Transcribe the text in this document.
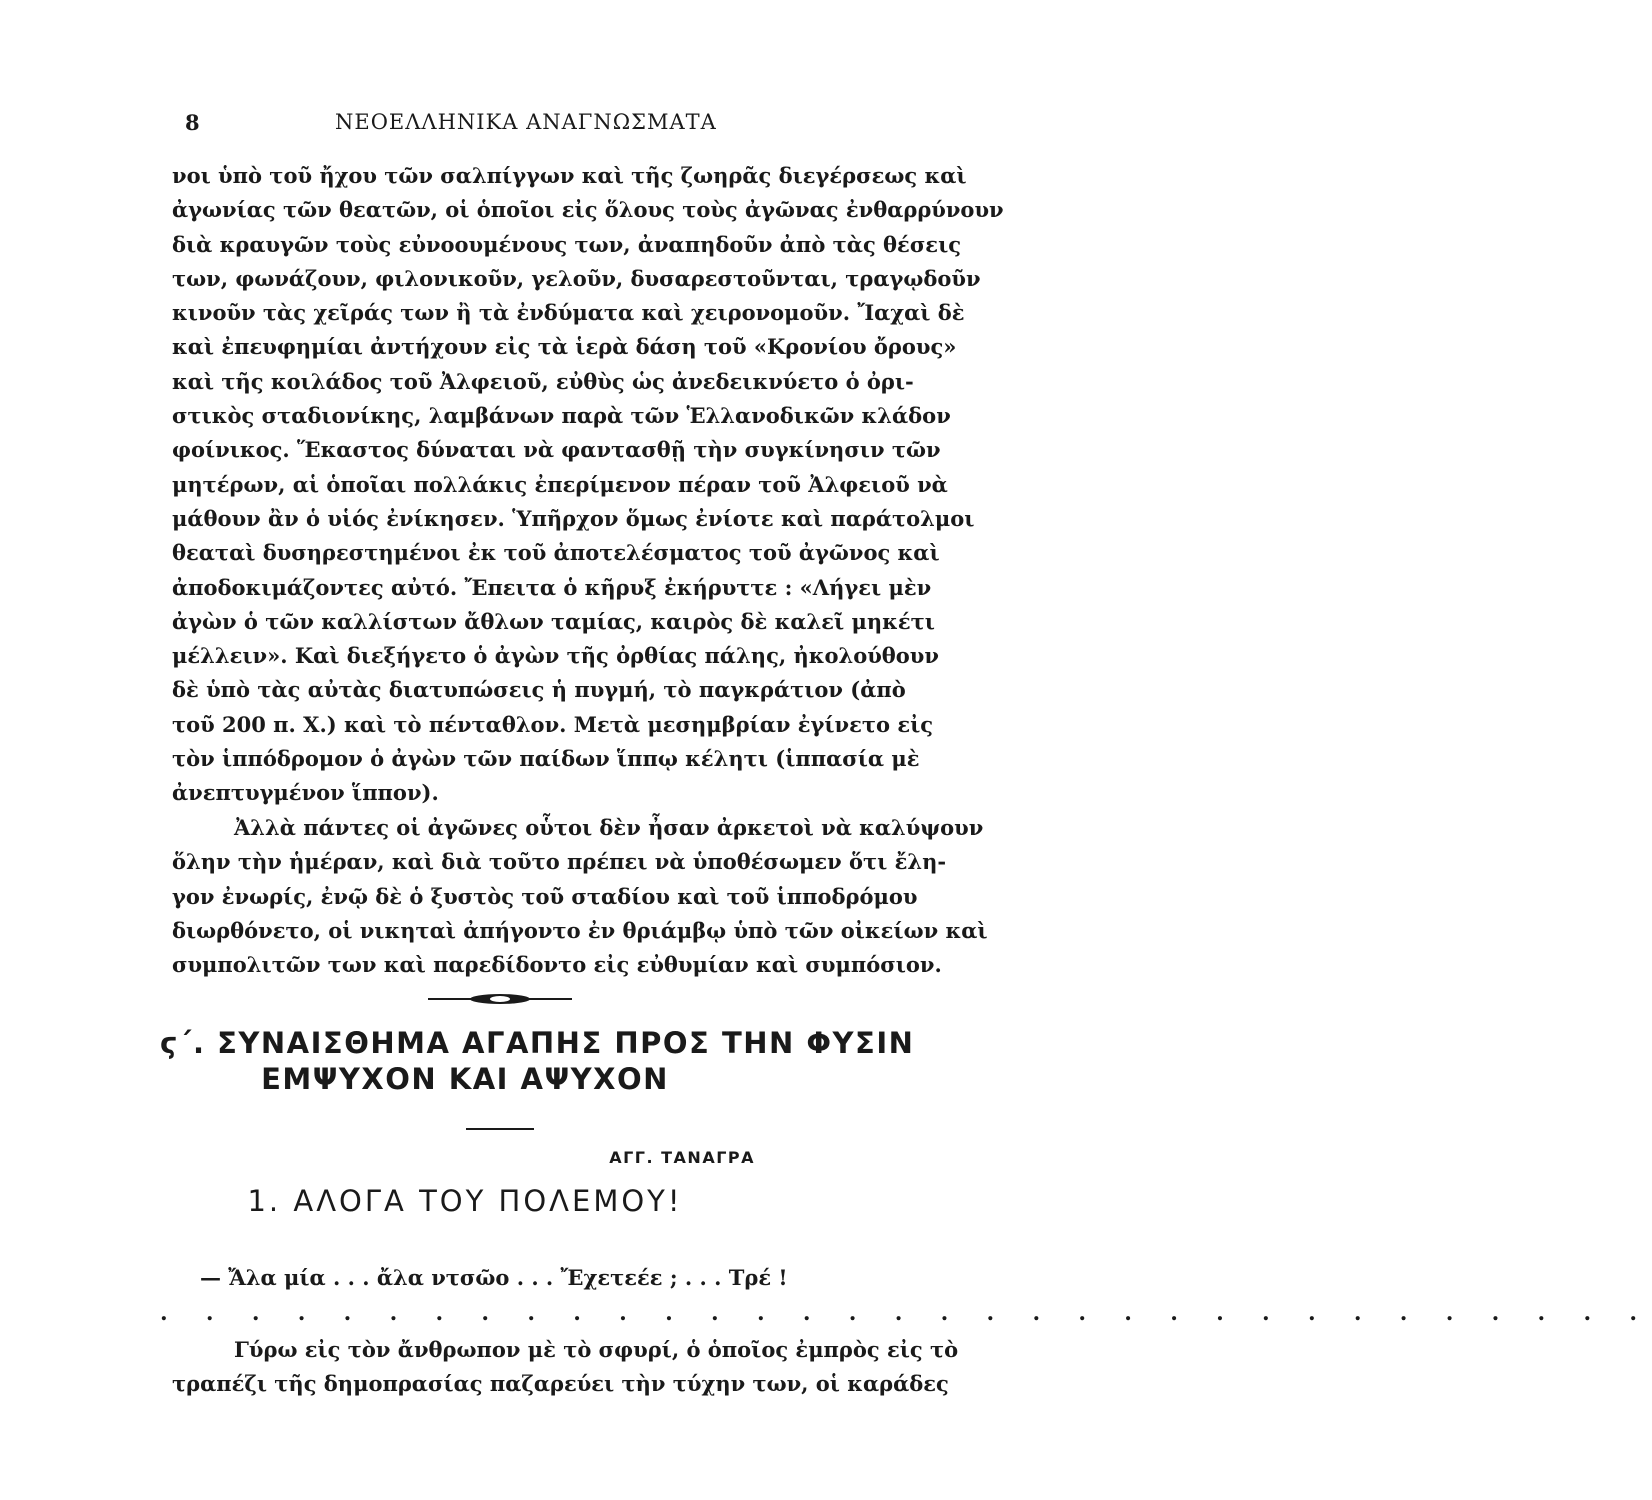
8	ΝΕΟΕΛΛΗΝΙΚΑ ΑΝΑΓΝΩΣΜΑΤΑ
νοι ὑπὸ τοῦ ἤχου τῶν σαλπίγγων καὶ τῆς ζωηρᾶς διεγέρσεως καὶ
ἀγωνίας τῶν θεατῶν, οἱ ὁποῖοι εἰς ὅλους τοὺς ἀγῶνας ἐνθαρρύνουν
διὰ κραυγῶν τοὺς εὐνοουμένους των, ἀναπηδοῦν ἀπὸ τὰς θέσεις
των, φωνάζουν, φιλονικοῦν, γελοῦν, δυσαρεστοῦνται, τραγῳδοῦν
κινοῦν τὰς χεῖράς των ἢ τὰ ἐνδύματα καὶ χειρονομοῦν. Ἴαχαὶ δὲ
καὶ ἐπευφημίαι ἀντήχουν εἰς τὰ ἱερὰ δάση τοῦ «Κρονίου ὄρους»
καὶ τῆς κοιλάδος τοῦ Ἀλφειοῦ, εὐθὺς ὡς ἀνεδεικνύετο ὁ ὀρι-
στικὸς σταδιονίκης, λαμβάνων παρὰ τῶν Ἑλλανοδικῶν κλάδον
φοίνικος. Ἕκαστος δύναται νὰ φαντασθῇ τὴν συγκίνησιν τῶν
μητέρων, αἱ ὁποῖαι πολλάκις ἐπερίμενον πέραν τοῦ Ἀλφειοῦ νὰ
μάθουν ἂν ὁ υἱός ἐνίκησεν. Ὑπῆρχον ὅμως ἐνίοτε καὶ παράτολμοι
θεαταὶ δυσηρεστημένοι ἐκ τοῦ ἀποτελέσματος τοῦ ἀγῶνος καὶ
ἀποδοκιμάζοντες αὐτό. Ἔπειτα ὁ κῆρυξ ἐκήρυττε : «Λήγει μὲν
ἀγὼν ὁ τῶν καλλίστων ἄθλων ταμίας, καιρὸς δὲ καλεῖ μηκέτι
μέλλειν». Καὶ διεξήγετο ὁ ἀγὼν τῆς ὀρθίας πάλης, ἠκολούθουν
δὲ ὑπὸ τὰς αὐτὰς διατυπώσεις ἡ πυγμή, τὸ παγκράτιον (ἀπὸ
τοῦ 200 π. Χ.) καὶ τὸ πένταθλον. Μετὰ μεσημβρίαν ἐγίνετο εἰς
τὸν ἱππόδρομον ὁ ἀγὼν τῶν παίδων ἵππῳ κέλητι (ἱππασία μὲ
ἀνεπτυγμένον ἵππον).
Ἀλλὰ πάντες οἱ ἀγῶνες οὗτοι δὲν ἦσαν ἀρκετοὶ νὰ καλύψουν
ὅλην τὴν ἡμέραν, καὶ διὰ τοῦτο πρέπει νὰ ὑποθέσωμεν ὅτι ἔλη-
γον ἐνωρίς, ἐνῷ δὲ ὁ ξυστὸς τοῦ σταδίου καὶ τοῦ ἱπποδρόμου
διωρθόνετο, οἱ νικηταὶ ἀπήγοντο ἐν θριάμβῳ ὑπὸ τῶν οἰκείων καὶ
συμπολιτῶν των καὶ παρεδίδοντο εἰς εὐθυμίαν καὶ συμπόσιον.
ϛ΄. ΣΥΝΑΙΣΘΗΜΑ ΑΓΑΠΗΣ ΠΡΟΣ ΤΗΝ ΦΥΣΙΝ
ΕΜΨΥΧΟΝ ΚΑΙ ΑΨΥΧΟΝ
ΑΓΓ. ΤΑΝΑΓΡΑ
1. ΑΛΟΓΑ ΤΟΥ ΠΟΛΕΜΟΥ!
— Ἄλα μία . . . ἄλα ντσῶο . . . Ἔχετεέε ; . . . Τρέ !
. . . . . . . . . . . . . . . . . . . . . . . . . . . . . . . . .
Γύρω εἰς τὸν ἄνθρωπον μὲ τὸ σφυρί, ὁ ὁποῖος ἐμπρὸς εἰς τὸ
τραπέζι τῆς δημοπρασίας παζαρεύει τὴν τύχην των, οἱ καράδες
